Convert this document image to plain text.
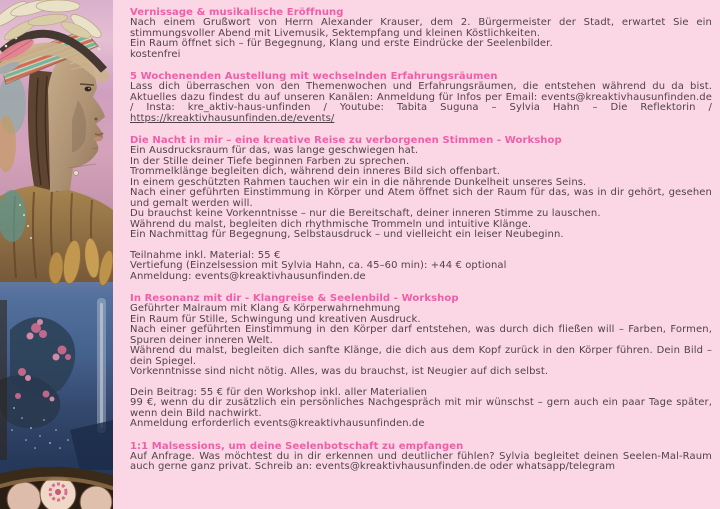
Vernissage & musikalische Eröffnung

Nach einem Grußwort von Herrn Alexander Krauser, dem 2. Bürgermeister der Stadt, erwartet Sie ein stimmungsvoller Abend mit Livemusik, Sektempfang und kleinen Köstlichkeiten.

Ein Raum öffnet sich – für Begegnung, Klang und erste Eindrücke der Seelenbilder.

kostenfrei

5 Wochenenden Austellung mit wechselnden Erfahrungsräumen

Lass dich überraschen von den Themenwochen und Erfahrungsräumen, die entstehen während du da bist. Aktuelles dazu findest du auf unseren Kanälen: Anmeldung für Infos per Email: events@kreaktivhausunfinden.de / Insta: kre_aktiv-haus-unfinden / Youtube: Tabita Suguna – Sylvia Hahn – Die Reflektorin / https://kreaktivhausunfinden.de/events/

Die Nacht in mir – eine kreative Reise zu verborgenen Stimmen - Workshop

Ein Ausdrucksraum für das, was lange geschwiegen hat.

In der Stille deiner Tiefe beginnen Farben zu sprechen.

Trommelklänge begleiten dich, während dein inneres Bild sich offenbart.

In einem geschützten Rahmen tauchen wir ein in die nährende Dunkelheit unseres Seins.

Nach einer geführten Einstimmung in Körper und Atem öffnet sich der Raum für das, was in dir gehört, gesehen und gemalt werden will.

Du brauchst keine Vorkenntnisse – nur die Bereitschaft, deiner inneren Stimme zu lauschen.

Während du malst, begleiten dich rhythmische Trommeln und intuitive Klänge.

Ein Nachmittag für Begegnung, Selbstausdruck – und vielleicht ein leiser Neubeginn.

Teilnahme inkl. Material: 55 €

Vertiefung (Einzelsession mit Sylvia Hahn, ca. 45–60 min): +44 € optional

Anmeldung: events@kreaktivhausunfinden.de

In Resonanz mit dir - Klangreise & Seelenbild - Workshop

Geführter Malraum mit Klang & Körperwahrnehmung

Ein Raum für Stille, Schwingung und kreativen Ausdruck.

Nach einer geführten Einstimmung in den Körper darf entstehen, was durch dich fließen will – Farben, Formen, Spuren deiner inneren Welt.

Während du malst, begleiten dich sanfte Klänge, die dich aus dem Kopf zurück in den Körper führen. Dein Bild – dein Spiegel.

Vorkenntnisse sind nicht nötig. Alles, was du brauchst, ist Neugier auf dich selbst.

Dein Beitrag: 55 € für den Workshop inkl. aller Materialien

99 €, wenn du dir zusätzlich ein persönliches Nachgespräch mit mir wünschst – gern auch ein paar Tage später, wenn dein Bild nachwirkt.

Anmeldung erforderlich events@kreaktivhausunfinden.de

1:1 Malsessions, um deine Seelenbotschaft zu empfangen

Auf Anfrage. Was möchtest du in dir erkennen und deutlicher fühlen? Sylvia begleitet deinen Seelen-Mal-Raum auch gerne ganz privat. Schreib an: events@kreaktivhausunfinden.de oder whatsapp/telegram
